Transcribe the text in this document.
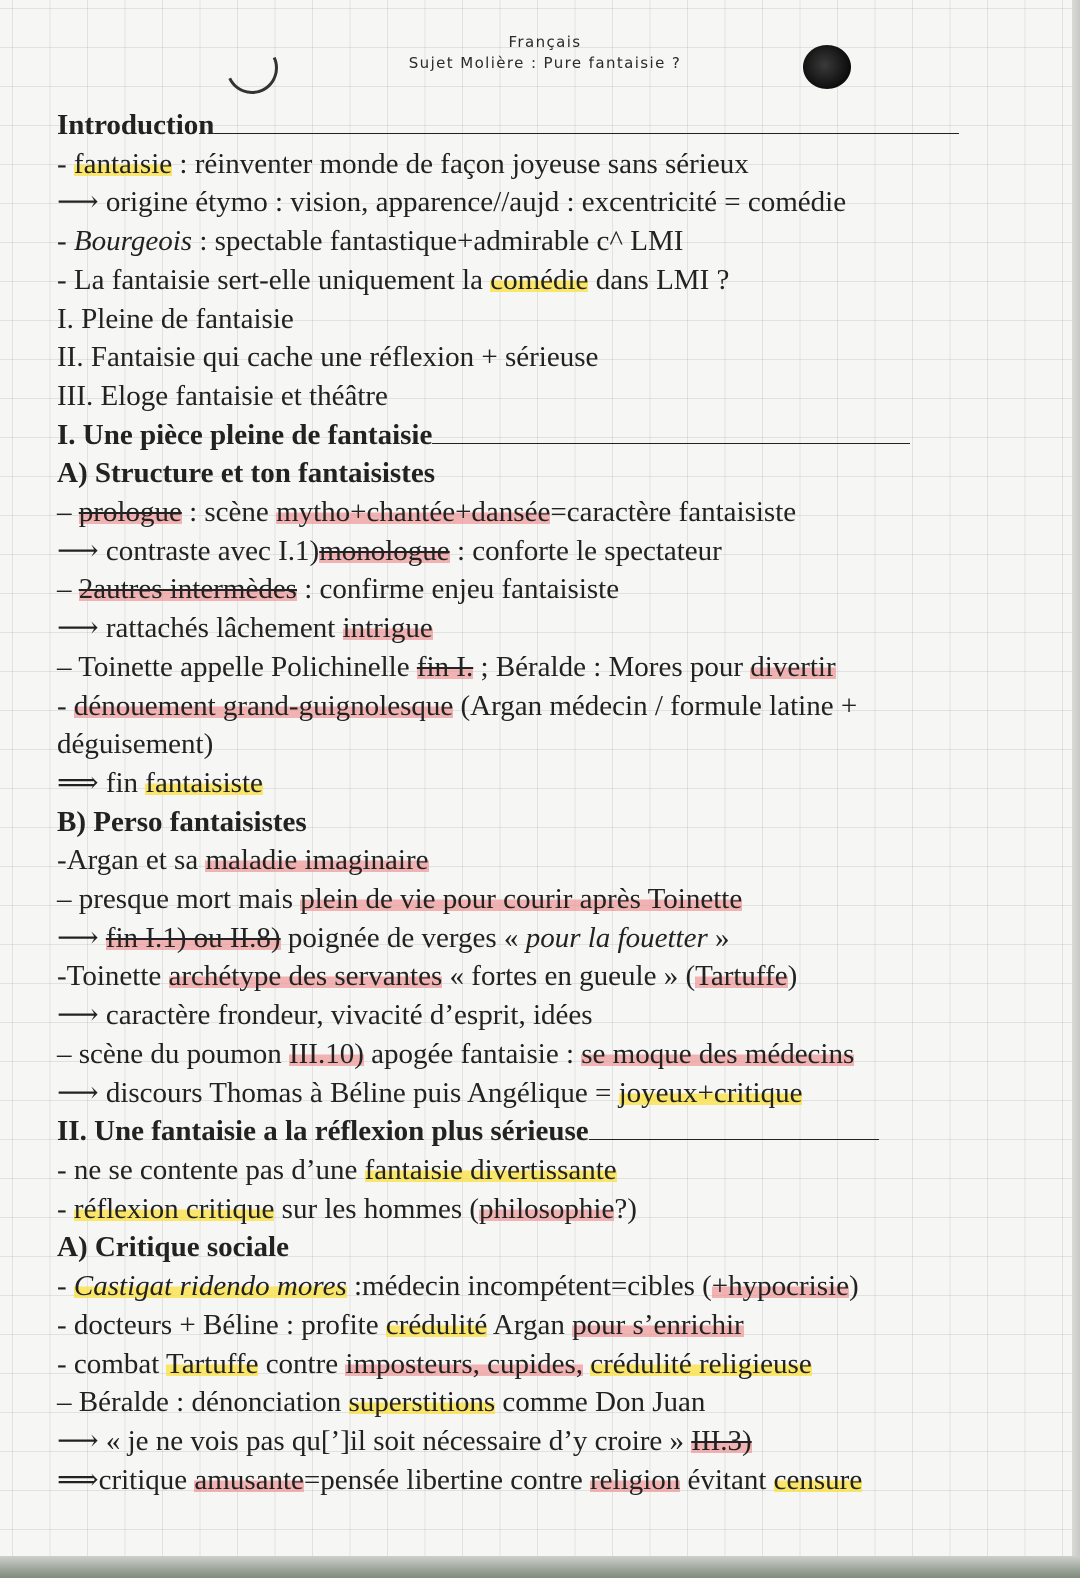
Français
Sujet Molière : Pure fantaisie ?
Introduction
- fantaisie : réinventer monde de façon joyeuse sans sérieux
⟶ origine étymo : vision, apparence//aujd : excentricité = comédie
- Bourgeois : spectable fantastique+admirable c^ LMI
- La fantaisie sert-elle uniquement la comédie dans LMI ?
I. Pleine de fantaisie
II. Fantaisie qui cache une réflexion + sérieuse
III. Eloge fantaisie et théâtre
I. Une pièce pleine de fantaisie
A) Structure et ton fantaisistes
– prologue : scène mytho+chantée+dansée=caractère fantaisiste
⟶ contraste avec I.1)monologue : conforte le spectateur
– 2autres intermèdes : confirme enjeu fantaisiste
⟶ rattachés lâchement intrigue
– Toinette appelle Polichinelle fin I. ; Béralde : Mores pour divertir
- dénouement grand-guignolesque (Argan médecin / formule latine +
déguisement)
⟹ fin fantaisiste
B) Perso fantaisistes
-Argan et sa maladie imaginaire
– presque mort mais plein de vie pour courir après Toinette
⟶ fin I.1) ou II.8) poignée de verges « pour la fouetter »
-Toinette archétype des servantes « fortes en gueule » (Tartuffe)
⟶ caractère frondeur, vivacité d’esprit, idées
– scène du poumon III.10) apogée fantaisie : se moque des médecins
⟶ discours Thomas à Béline puis Angélique = joyeux+critique
II. Une fantaisie a la réflexion plus sérieuse
- ne se contente pas d’une fantaisie divertissante
- réflexion critique sur les hommes (philosophie?)
A) Critique sociale
- Castigat ridendo mores :médecin incompétent=cibles (+hypocrisie)
- docteurs + Béline : profite crédulité Argan pour s’enrichir
- combat Tartuffe contre imposteurs, cupides, crédulité religieuse
– Béralde : dénonciation superstitions comme Don Juan
⟶ « je ne vois pas qu[’]il soit nécessaire d’y croire » III.3)
⟹critique amusante=pensée libertine contre religion évitant censure
